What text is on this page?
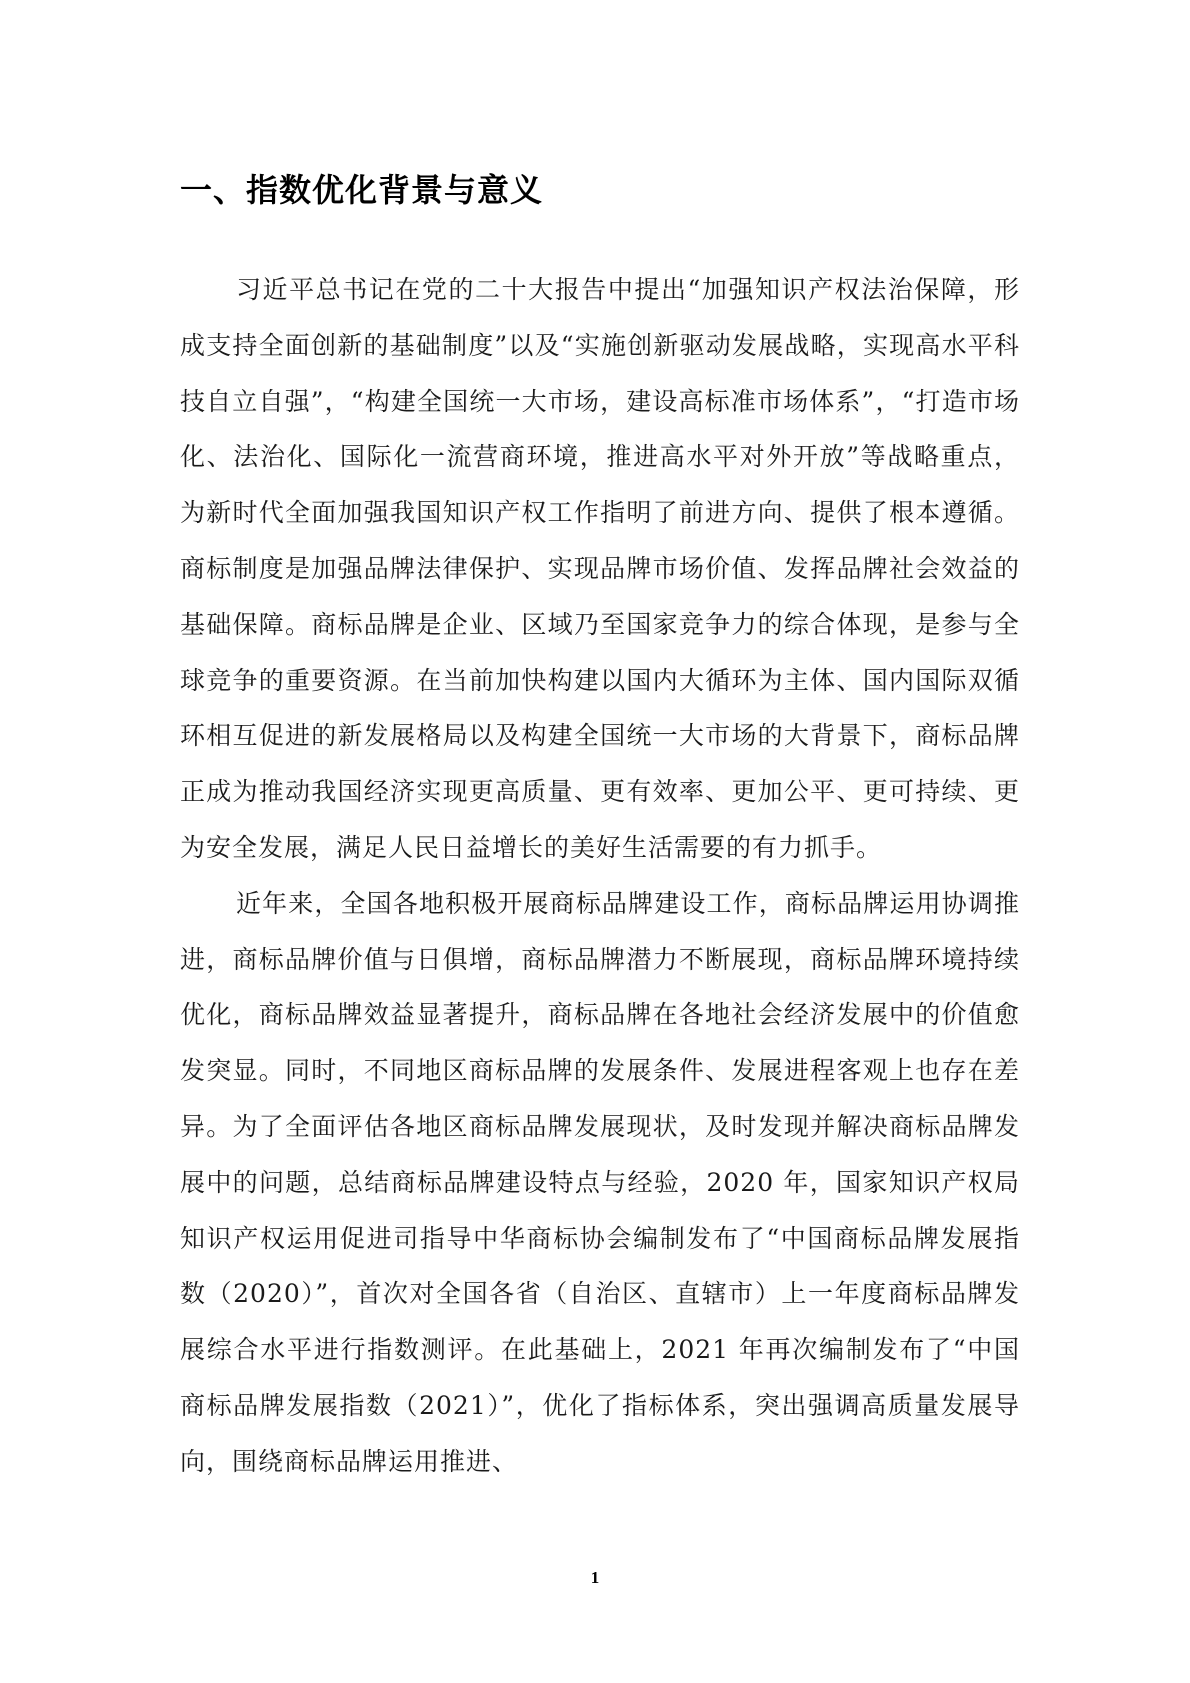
一、指数优化背景与意义

习近平总书记在党的二十大报告中提出“加强知识产权法治保障，形成支持全面创新的基础制度”以及“实施创新驱动发展战略，实现高水平科技自立自强”，“构建全国统一大市场，建设高标准市场体系”，“打造市场化、法治化、国际化一流营商环境，推进高水平对外开放”等战略重点，为新时代全面加强我国知识产权工作指明了前进方向、提供了根本遵循。商标制度是加强品牌法律保护、实现品牌市场价值、发挥品牌社会效益的基础保障。商标品牌是企业、区域乃至国家竞争力的综合体现，是参与全球竞争的重要资源。在当前加快构建以国内大循环为主体、国内国际双循环相互促进的新发展格局以及构建全国统一大市场的大背景下，商标品牌正成为推动我国经济实现更高质量、更有效率、更加公平、更可持续、更为安全发展，满足人民日益增长的美好生活需要的有力抓手。

近年来，全国各地积极开展商标品牌建设工作，商标品牌运用协调推进，商标品牌价值与日俱增，商标品牌潜力不断展现，商标品牌环境持续优化，商标品牌效益显著提升，商标品牌在各地社会经济发展中的价值愈发突显。同时，不同地区商标品牌的发展条件、发展进程客观上也存在差异。为了全面评估各地区商标品牌发展现状，及时发现并解决商标品牌发展中的问题，总结商标品牌建设特点与经验，2020 年，国家知识产权局知识产权运用促进司指导中华商标协会编制发布了“中国商标品牌发展指数（2020）”，首次对全国各省（自治区、直辖市）上一年度商标品牌发展综合水平进行指数测评。在此基础上，2021 年再次编制发布了“中国商标品牌发展指数（2021）”，优化了指标体系，突出强调高质量发展导向，围绕商标品牌运用推进、

1
